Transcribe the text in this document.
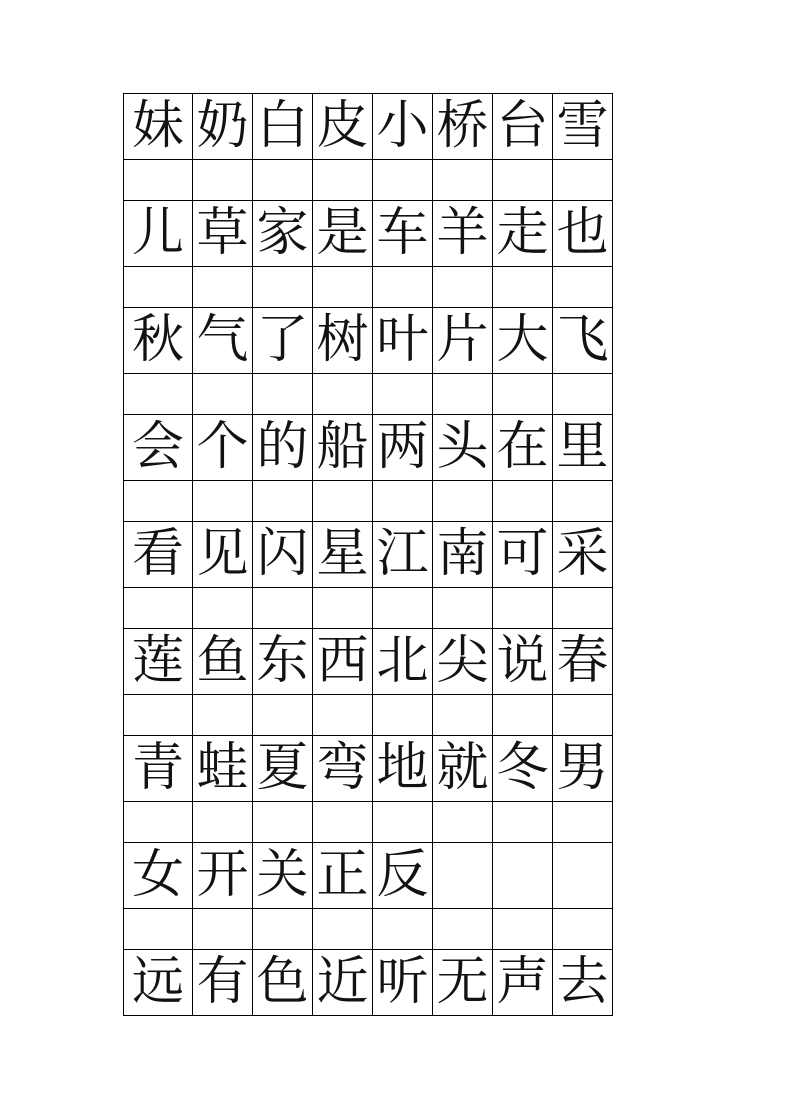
妹	奶	白	皮	小	桥	台	雪

儿	草	家	是	车	羊	走	也

秋	气	了	树	叶	片	大	飞

会	个	的	船	两	头	在	里

看	见	闪	星	江	南	可	采

莲	鱼	东	西	北	尖	说	春

青	蛙	夏	弯	地	就	冬	男

女	开	关	正	反			

远	有	色	近	听	无	声	去
